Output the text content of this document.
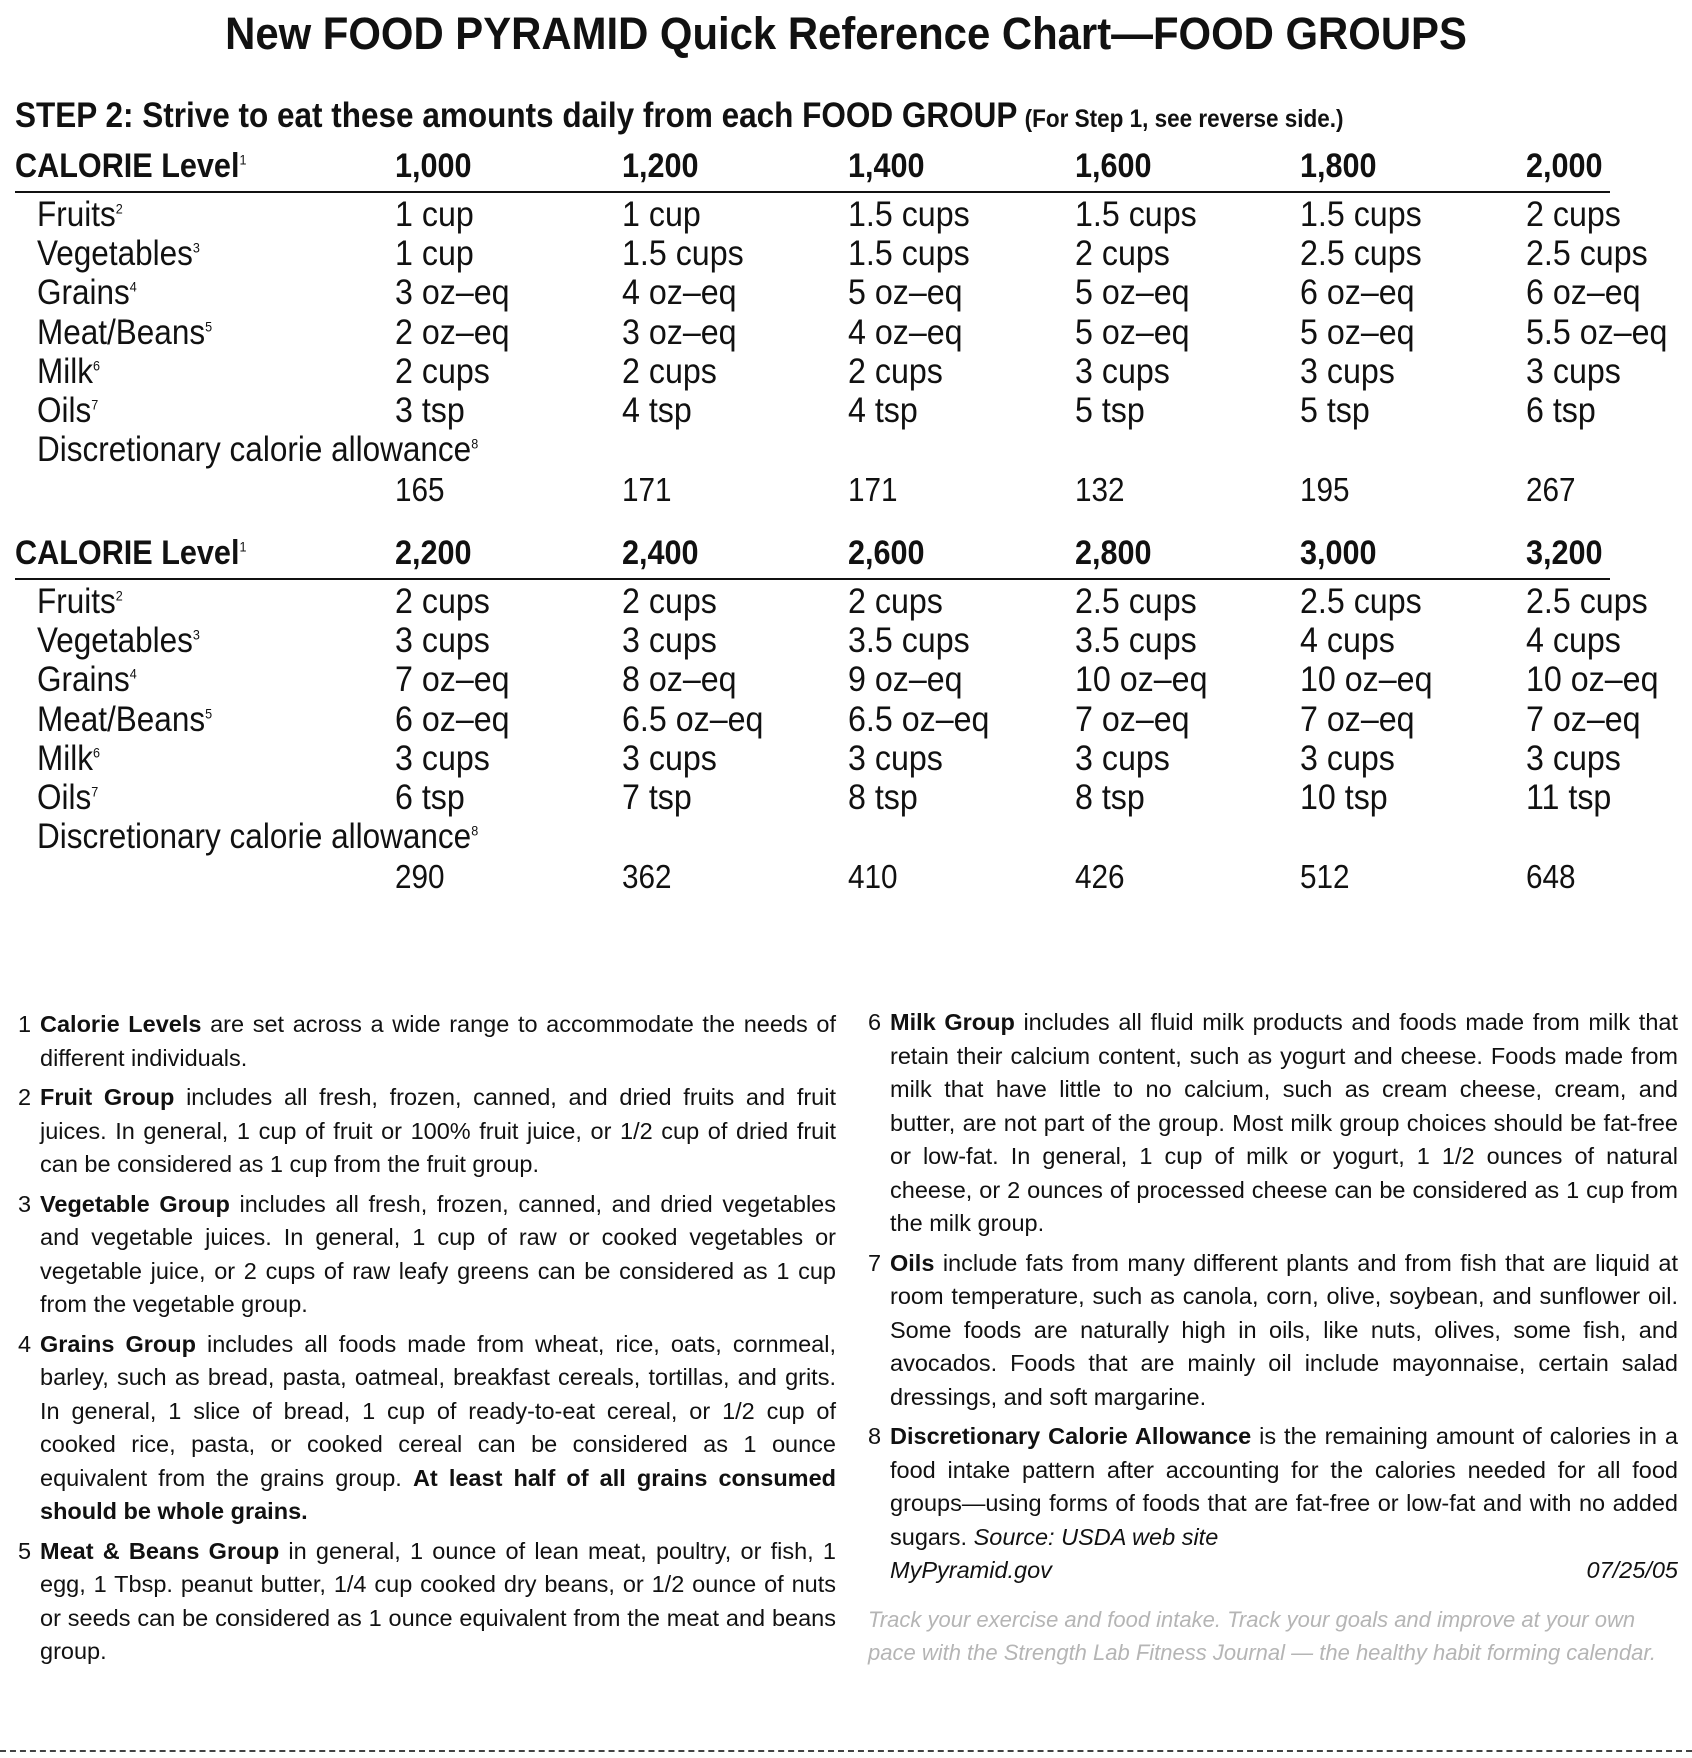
New FOOD PYRAMID Quick Reference Chart—FOOD GROUPS
STEP 2: Strive to eat these amounts daily from each FOOD GROUP (For Step 1, see reverse side.)
CALORIE Level$^1$	1,000	1,200	1,400	1,600	1,800	2,000
Fruits$^2$	1 cup	1 cup	1.5 cups	1.5 cups	1.5 cups	2 cups
Vegetables$^3$	1 cup	1.5 cups	1.5 cups	2 cups	2.5 cups	2.5 cups
Grains$^4$	3 oz–eq	4 oz–eq	5 oz–eq	5 oz–eq	6 oz–eq	6 oz–eq
Meat/Beans$^5$	2 oz–eq	3 oz–eq	4 oz–eq	5 oz–eq	5 oz–eq	5.5 oz–eq
Milk$^6$	2 cups	2 cups	2 cups	3 cups	3 cups	3 cups
Oils$^7$	3 tsp	4 tsp	4 tsp	5 tsp	5 tsp	6 tsp
Discretionary calorie allowance$^8$
165	171	171	132	195	267
CALORIE Level$^1$	2,200	2,400	2,600	2,800	3,000	3,200
Fruits$^2$	2 cups	2 cups	2 cups	2.5 cups	2.5 cups	2.5 cups
Vegetables$^3$	3 cups	3 cups	3.5 cups	3.5 cups	4 cups	4 cups
Grains$^4$	7 oz–eq	8 oz–eq	9 oz–eq	10 oz–eq	10 oz–eq	10 oz–eq
Meat/Beans$^5$	6 oz–eq	6.5 oz–eq 6.5 oz–eq 7 oz–eq	7 oz–eq	7 oz–eq
Milk$^6$	3 cups	3 cups	3 cups	3 cups	3 cups	3 cups
Oils$^7$	6 tsp	7 tsp	8 tsp	8 tsp	10 tsp	11 tsp
Discretionary calorie allowance$^8$
290	362	410	426	512	648
1 Calorie Levels are set across a wide range to accommodate the needs of different individuals.
2 Fruit Group includes all fresh, frozen, canned, and dried fruits and fruit juices. In general, 1 cup of fruit or 100% fruit juice, or 1/2 cup of dried fruit can be considered as 1 cup from the fruit group.
3 Vegetable Group includes all fresh, frozen, canned, and dried vegetables and vegetable juices. In general, 1 cup of raw or cooked vegetables or vegetable juice, or 2 cups of raw leafy greens can be considered as 1 cup from the vegetable group.
4 Grains Group includes all foods made from wheat, rice, oats, cornmeal, barley, such as bread, pasta, oatmeal, breakfast cereals, tortillas, and grits. In general, 1 slice of bread, 1 cup of ready-to-eat cereal, or 1/2 cup of cooked rice, pasta, or cooked cereal can be considered as 1 ounce equivalent from the grains group. At least half of all grains consumed should be whole grains.
5 Meat & Beans Group in general, 1 ounce of lean meat, poultry, or fish, 1 egg, 1 Tbsp. peanut butter, 1/4 cup cooked dry beans, or 1/2 ounce of nuts or seeds can be considered as 1 ounce equivalent from the meat and beans group.
6 Milk Group includes all fluid milk products and foods made from milk that retain their calcium content, such as yogurt and cheese. Foods made from milk that have little to no calcium, such as cream cheese, cream, and butter, are not part of the group. Most milk group choices should be fat-free or low-fat. In general, 1 cup of milk or yogurt, 1 1/2 ounces of natural cheese, or 2 ounces of processed cheese can be considered as 1 cup from the milk group.
7 Oils include fats from many different plants and from fish that are liquid at room temperature, such as canola, corn, olive, soybean, and sunflower oil. Some foods are naturally high in oils, like nuts, olives, some fish, and avocados. Foods that are mainly oil include mayonnaise, certain salad dressings, and soft margarine.
8 Discretionary Calorie Allowance is the remaining amount of calories in a food intake pattern after accounting for the calories needed for all food groups—using forms of foods that are fat-free or low-fat and with no added sugars. Source: USDA web site
MyPyramid.gov	07/25/05
Track your exercise and food intake. Track your goals and improve at your own pace with the Strength Lab Fitness Journal — the healthy habit forming calendar.
